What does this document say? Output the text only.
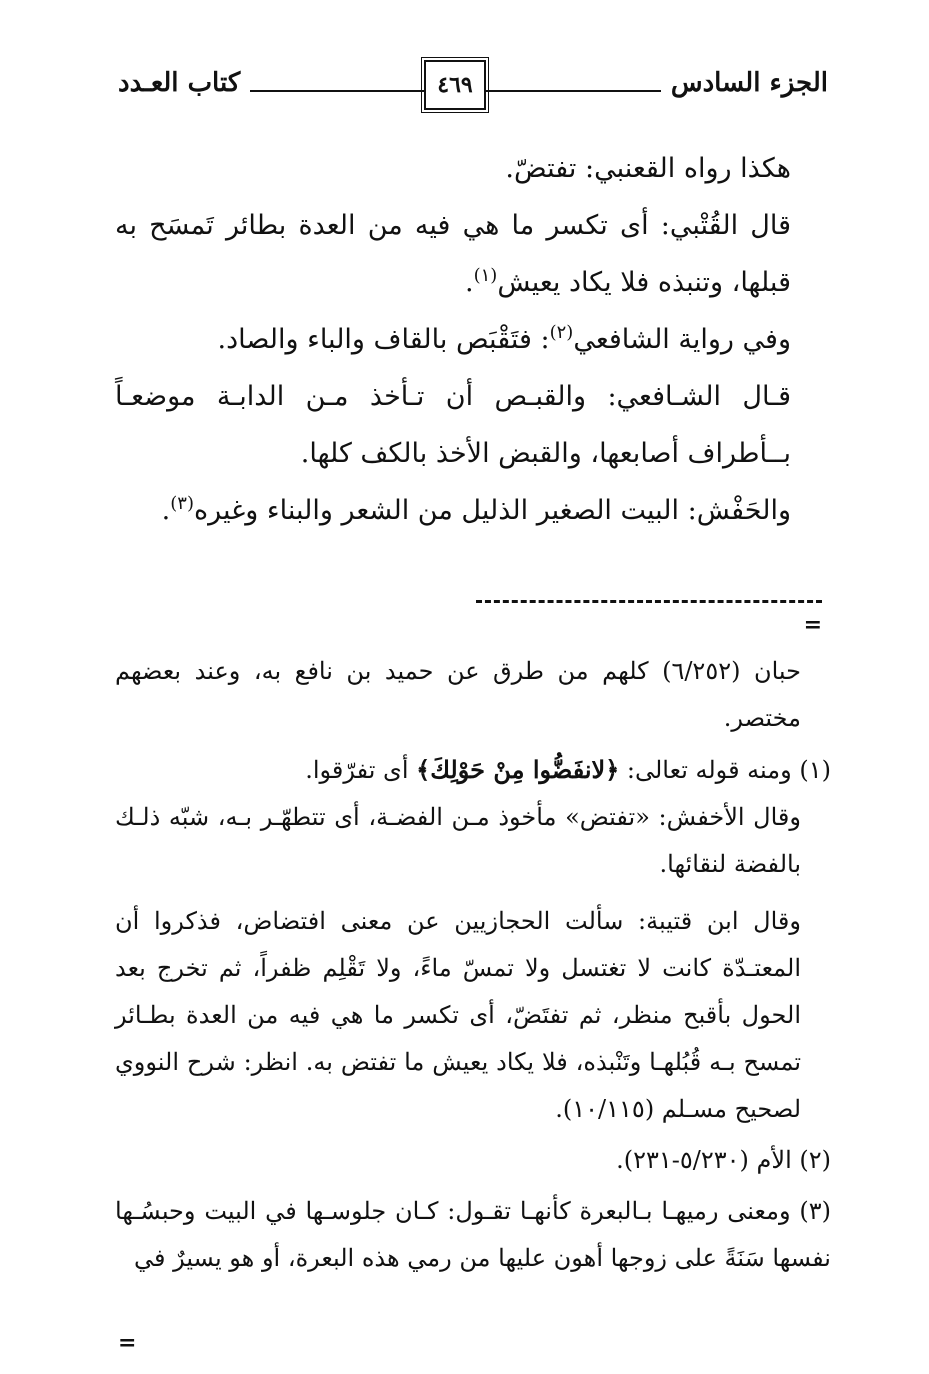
الجزء السادس
٤٦٩
كتاب العـدد

هكذا رواه القعنبي: تفتضّ.

قال القُتْبي: أى تكسر ما هي فيه من العدة بطائر تَمسَح به قبلها، وتنبذه فلا يكاد يعيش$^{(١)}$.

وفي رواية الشافعي$^{(٢)}$: فتَقْبَص بالقاف والباء والصاد.

قـال الشـافعي: والقبـص أن تـأخذ مـن الدابـة موضعـاً بــأطراف أصابعها، والقبض الأخذ بالكف كلها.

والحَفْش: البيت الصغير الذليل من الشعر والبناء وغيره$^{(٣)}$.

=

حبان (٦/٢٥٢) كلهم من طرق عن حميد بن نافع به، وعند بعضهم مختصر.

(١) ومنه قوله تعالى: ﴿لانفَضُّوا مِنْ حَوْلِكَ﴾ أى تفرّقوا.

وقال الأخفش: «تفتض» مأخوذ مـن الفضـة، أى تتطهّـر بـه، شبّه ذلـك بالفضة لنقائها.

وقال ابن قتيبة: سألت الحجازيين عن معنى افتضاض، فذكروا أن المعتـدّة كانت لا تغتسل ولا تمسّ ماءً، ولا تَقْلِم ظفراً، ثم تخرج بعد الحول بأقبح منظر، ثم تفتَضّ، أى تكسر ما هي فيه من العدة بطـائر تمسح بـه قُبُلهـا وتَنْبذه، فلا يكاد يعيش ما تفتض به. انظر: شرح النووي لصحيح مسـلم (١٠/١١٥).

(٢) الأم (٥/٢٣٠-٢٣١).

(٣) ومعنى رميهـا بـالبعرة كأنهـا تقـول: كـان جلوسـها في البيت وحبسُـها نفسها سَنَةً على زوجها أهون عليها من رمي هذه البعرة، أو هو يسيرٌ في

=
